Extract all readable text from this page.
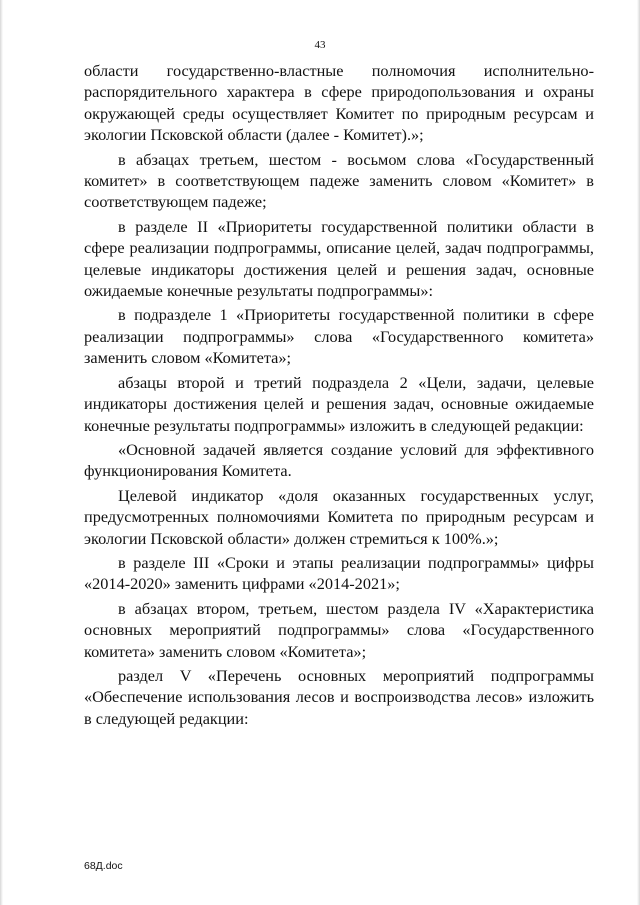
43

области государственно-властные полномочия исполнительно-распорядительного характера в сфере природопользования и охраны окружающей среды осуществляет Комитет по природным ресурсам и экологии Псковской области (далее - Комитет).»;

в абзацах третьем, шестом - восьмом слова «Государственный комитет» в соответствующем падеже заменить словом «Комитет» в соответствующем падеже;

в разделе II «Приоритеты государственной политики области в сфере реализации подпрограммы, описание целей, задач подпрограммы, целевые индикаторы достижения целей и решения задач, основные ожидаемые конечные результаты подпрограммы»:

в подразделе 1 «Приоритеты государственной политики в сфере реализации подпрограммы» слова «Государственного комитета» заменить словом «Комитета»;

абзацы второй и третий подраздела 2 «Цели, задачи, целевые индикаторы достижения целей и решения задач, основные ожидаемые конечные результаты подпрограммы» изложить в следующей редакции:

«Основной задачей является создание условий для эффективного функционирования Комитета.

Целевой индикатор «доля оказанных государственных услуг, предусмотренных полномочиями Комитета по природным ресурсам и экологии Псковской области» должен стремиться к 100%.»;

в разделе III «Сроки и этапы реализации подпрограммы» цифры «2014-2020» заменить цифрами «2014-2021»;

в абзацах втором, третьем, шестом раздела IV «Характеристика основных мероприятий подпрограммы» слова «Государственного комитета» заменить словом «Комитета»;

раздел V «Перечень основных мероприятий подпрограммы «Обеспечение использования лесов и воспроизводства лесов» изложить в следующей редакции:

68Д.doc
